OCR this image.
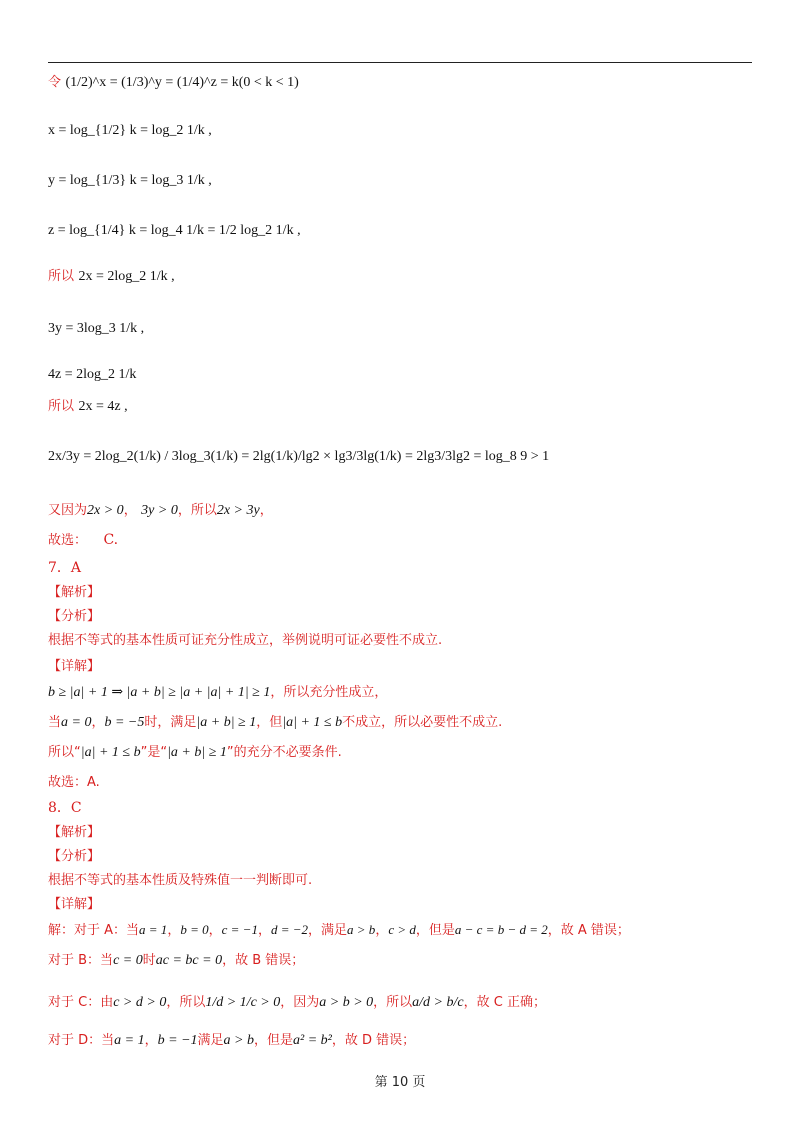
令 (1/2)^x = (1/3)^y = (1/4)^z = k(0 < k < 1)
x = log_{1/2} k = log_2 1/k ,
y = log_{1/3} k = log_3 1/k ,
z = log_{1/4} k = log_4 1/k = 1/2 log_2 1/k ,
所以 2x = 2log_2 1/k ,
3y = 3log_3 1/k ,
4z = 2log_2 1/k
所以 2x = 4z ,
2x/3y = 2log_2(1/k) / 3log_3(1/k) = 2lg(1/k)/lg2 × lg3/3lg(1/k) = 2lg3/3lg2 = log_8 9 > 1
又因为2x > 0， 3y > 0，所以2x > 3y，
故选： C.
7．A
【解析】
【分析】
根据不等式的基本性质可证充分性成立，举例说明可证必要性不成立.
【详解】
b ≥ |a| + 1 ⇒ |a + b| ≥ |a + |a| + 1| ≥ 1，所以充分性成立，
当a = 0，b = −5时，满足|a + b| ≥ 1，但|a| + 1 ≤ b不成立，所以必要性不成立.
所以“|a| + 1 ≤ b”是“|a + b| ≥ 1”的充分不必要条件.
故选：A.
8．C
【解析】
【分析】
根据不等式的基本性质及特殊值一一判断即可.
【详解】
解：对于 A：当a = 1，b = 0，c = −1，d = −2，满足a > b，c > d，但是a − c = b − d = 2，故 A 错误；
对于 B：当c = 0时ac = bc = 0，故 B 错误；
对于 C：由c > d > 0，所以1/d > 1/c > 0，因为a > b > 0，所以a/d > b/c，故 C 正确；
对于 D：当a = 1，b = −1满足a > b，但是a² = b²，故 D 错误；
第 10 页
